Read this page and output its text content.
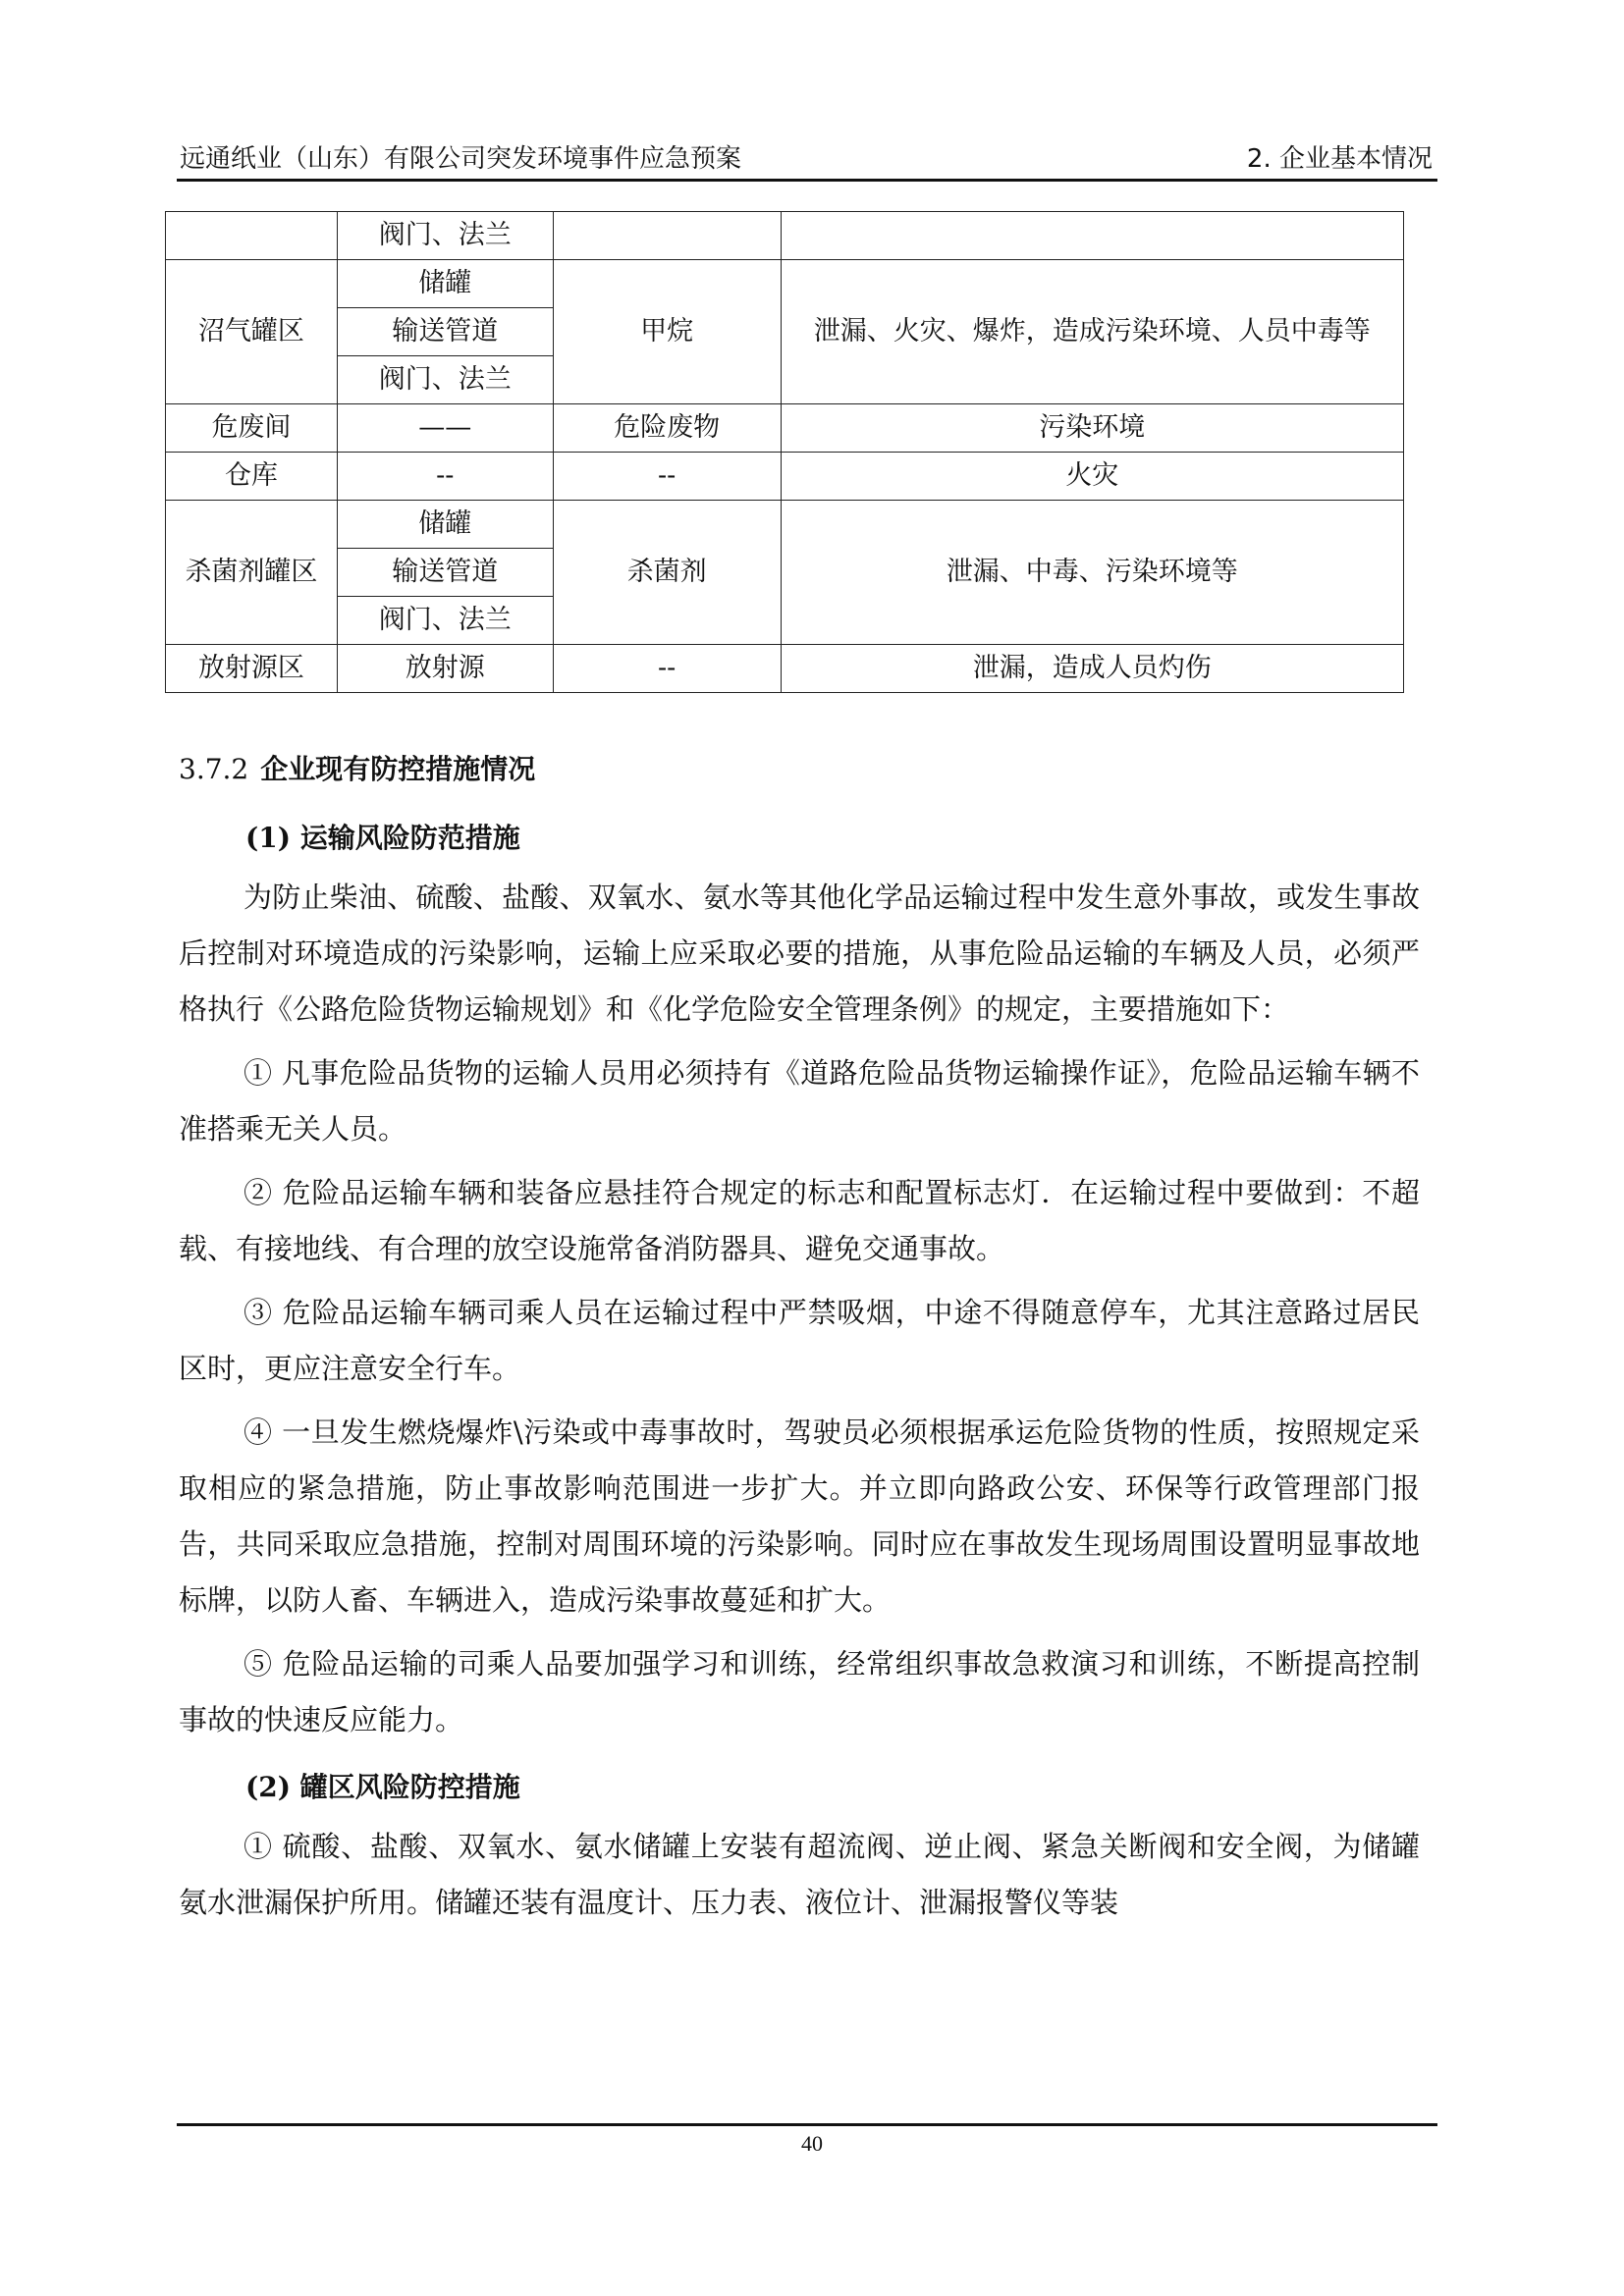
远通纸业（山东）有限公司突发环境事件应急预案	2. 企业基本情况
	阀门、法兰		
沼气罐区	储罐	甲烷	泄漏、火灾、爆炸，造成污染环境、人员中毒等
	输送管道		
	阀门、法兰		
危废间	——	危险废物	污染环境
仓库	--	--	火灾
杀菌剂罐区	储罐	杀菌剂	泄漏、中毒、污染环境等
	输送管道		
	阀门、法兰		
放射源区	放射源	--	泄漏，造成人员灼伤
3.7.2 企业现有防控措施情况
(1) 运输风险防范措施

为防止柴油、硫酸、盐酸、双氧水、氨水等其他化学品运输过程中发生意外事故，或发生事故后控制对环境造成的污染影响，运输上应采取必要的措施，从事危险品运输的车辆及人员，必须严格执行《公路危险货物运输规划》和《化学危险安全管理条例》的规定，主要措施如下：

① 凡事危险品货物的运输人员用必须持有《道路危险品货物运输操作证》，危险品运输车辆不准搭乘无关人员。

② 危险品运输车辆和装备应悬挂符合规定的标志和配置标志灯．在运输过程中要做到：不超载、有接地线、有合理的放空设施常备消防器具、避免交通事故。

③ 危险品运输车辆司乘人员在运输过程中严禁吸烟，中途不得随意停车，尤其注意路过居民区时，更应注意安全行车。

④ 一旦发生燃烧爆炸\污染或中毒事故时，驾驶员必须根据承运危险货物的性质，按照规定采取相应的紧急措施，防止事故影响范围进一步扩大。并立即向路政公安、环保等行政管理部门报告，共同采取应急措施，控制对周围环境的污染影响。同时应在事故发生现场周围设置明显事故地标牌，以防人畜、车辆进入，造成污染事故蔓延和扩大。

⑤ 危险品运输的司乘人品要加强学习和训练，经常组织事故急救演习和训练，不断提高控制事故的快速反应能力。

(2) 罐区风险防控措施

① 硫酸、盐酸、双氧水、氨水储罐上安装有超流阀、逆止阀、紧急关断阀和安全阀，为储罐氨水泄漏保护所用。储罐还装有温度计、压力表、液位计、泄漏报警仪等装

40
